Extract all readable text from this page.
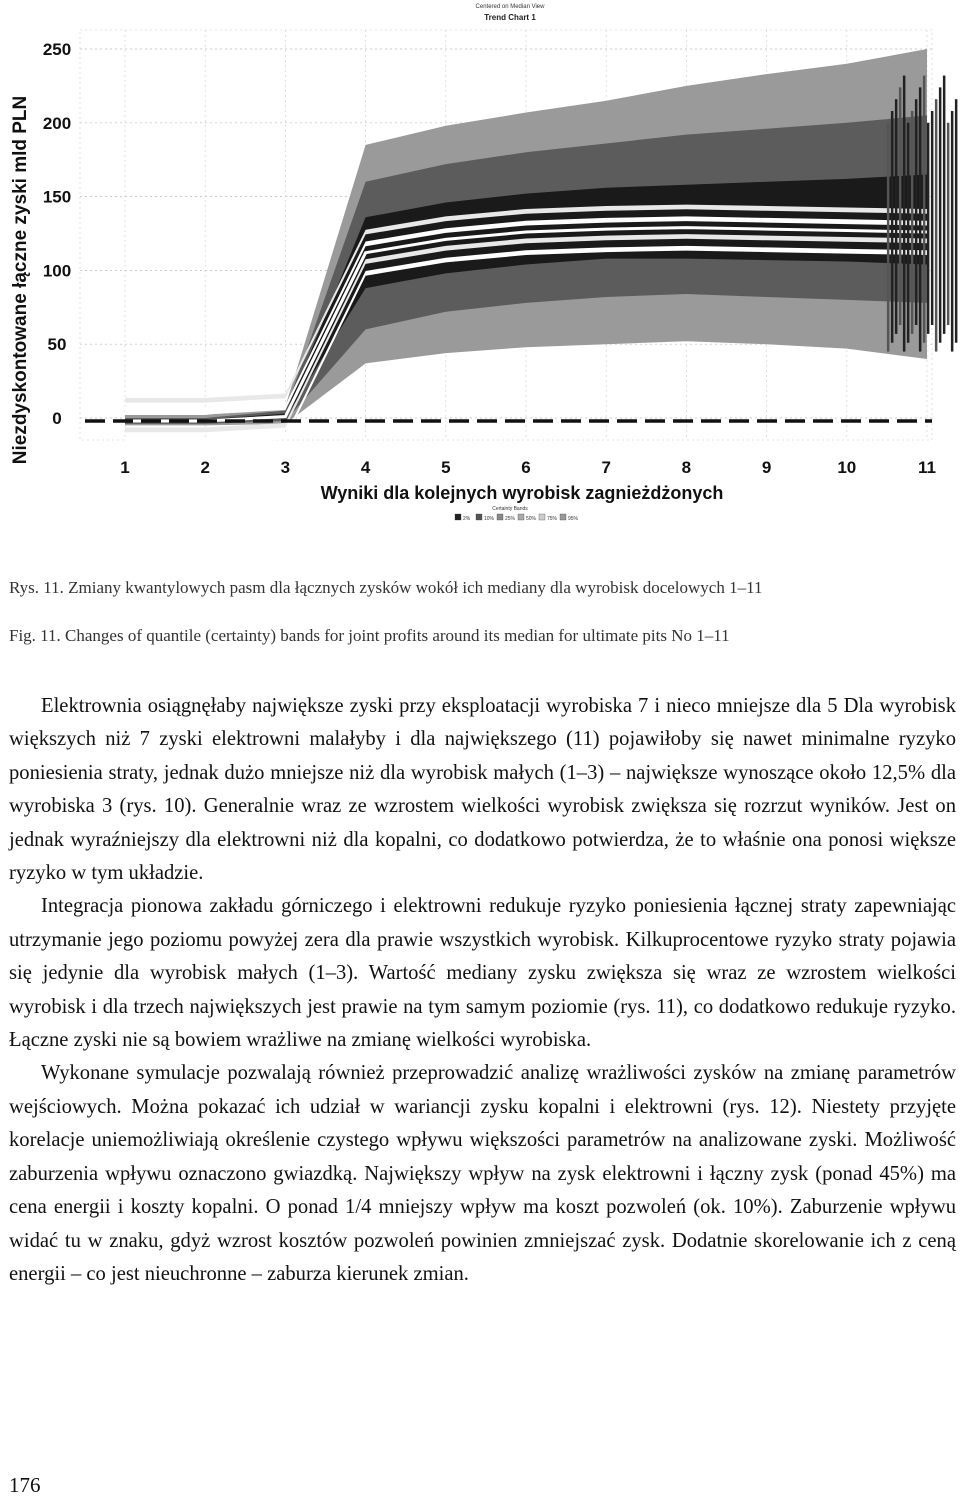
250
200
150
100
50
0
1	2	3	4	5	6	7	8	9	10	11
Centered on Median View
Trend Chart 1
Niezdyskontowane łączne zyski mld PLN
Wyniki dla kolejnych wyrobisk zagnieżdżonych
Certainty Bands
2%	10% 25% 50% 75% 95%
Rys. 11. Zmiany kwantylowych pasm dla łącznych zysków wokół ich mediany dla wyrobisk docelowych 1–11
Fig. 11. Changes of quantile (certainty) bands for joint profits around its median for ultimate pits No 1–11

Elektrownia osiągnęłaby największe zyski przy eksploatacji wyrobiska 7 i nieco mniejsze dla 5 Dla wyrobisk większych niż 7 zyski elektrowni malałyby i dla największego (11) pojawiłoby się nawet minimalne ryzyko poniesienia straty, jednak dużo mniejsze niż dla wyrobisk małych (1–3) – największe wynoszące około 12,5% dla wyrobiska 3 (rys. 10). Generalnie wraz ze wzrostem wielkości wyrobisk zwiększa się rozrzut wyników. Jest on jednak wyraźniejszy dla elektrowni niż dla kopalni, co dodatkowo potwierdza, że to właśnie ona ponosi większe ryzyko w tym układzie.

Integracja pionowa zakładu górniczego i elektrowni redukuje ryzyko poniesienia łącznej straty zapewniając utrzymanie jego poziomu powyżej zera dla prawie wszystkich wyrobisk. Kilkuprocentowe ryzyko straty pojawia się jedynie dla wyrobisk małych (1–3). Wartość mediany zysku zwiększa się wraz ze wzrostem wielkości wyrobisk i dla trzech największych jest prawie na tym samym poziomie (rys. 11), co dodatkowo redukuje ryzyko. Łączne zyski nie są bowiem wrażliwe na zmianę wielkości wyrobiska.

Wykonane symulacje pozwalają również przeprowadzić analizę wrażliwości zysków na zmianę parametrów wejściowych. Można pokazać ich udział w wariancji zysku kopalni i elektrowni (rys. 12). Niestety przyjęte korelacje uniemożliwiają określenie czystego wpływu większości parametrów na analizowane zyski. Możliwość zaburzenia wpływu oznaczono gwiazdką. Największy wpływ na zysk elektrowni i łączny zysk (ponad 45%) ma cena energii i koszty kopalni. O ponad 1/4 mniejszy wpływ ma koszt pozwoleń (ok. 10%). Zaburzenie wpływu widać tu w znaku, gdyż wzrost kosztów pozwoleń powinien zmniejszać zysk. Dodatnie skorelowanie ich z ceną energii – co jest nieuchronne – zaburza kierunek zmian.

176
